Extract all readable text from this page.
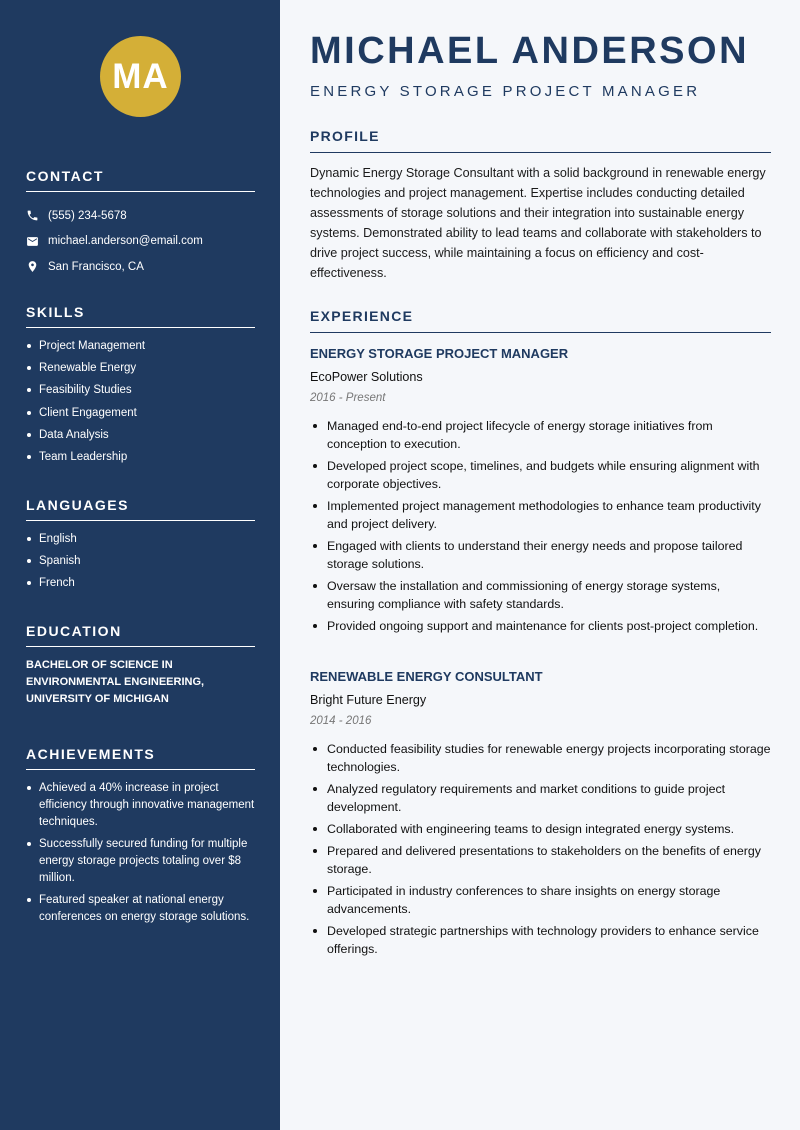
MA
CONTACT
(555) 234-5678
michael.anderson@email.com
San Francisco, CA
SKILLS
Project Management
Renewable Energy
Feasibility Studies
Client Engagement
Data Analysis
Team Leadership
LANGUAGES
English
Spanish
French
EDUCATION
BACHELOR OF SCIENCE IN ENVIRONMENTAL ENGINEERING, UNIVERSITY OF MICHIGAN
ACHIEVEMENTS
Achieved a 40% increase in project efficiency through innovative management techniques.
Successfully secured funding for multiple energy storage projects totaling over $8 million.
Featured speaker at national energy conferences on energy storage solutions.
MICHAEL ANDERSON
ENERGY STORAGE PROJECT MANAGER
PROFILE
Dynamic Energy Storage Consultant with a solid background in renewable energy technologies and project management. Expertise includes conducting detailed assessments of storage solutions and their integration into sustainable energy systems. Demonstrated ability to lead teams and collaborate with stakeholders to drive project success, while maintaining a focus on efficiency and cost-effectiveness.
EXPERIENCE
ENERGY STORAGE PROJECT MANAGER
EcoPower Solutions
2016 - Present
Managed end-to-end project lifecycle of energy storage initiatives from conception to execution.
Developed project scope, timelines, and budgets while ensuring alignment with corporate objectives.
Implemented project management methodologies to enhance team productivity and project delivery.
Engaged with clients to understand their energy needs and propose tailored storage solutions.
Oversaw the installation and commissioning of energy storage systems, ensuring compliance with safety standards.
Provided ongoing support and maintenance for clients post-project completion.
RENEWABLE ENERGY CONSULTANT
Bright Future Energy
2014 - 2016
Conducted feasibility studies for renewable energy projects incorporating storage technologies.
Analyzed regulatory requirements and market conditions to guide project development.
Collaborated with engineering teams to design integrated energy systems.
Prepared and delivered presentations to stakeholders on the benefits of energy storage.
Participated in industry conferences to share insights on energy storage advancements.
Developed strategic partnerships with technology providers to enhance service offerings.
